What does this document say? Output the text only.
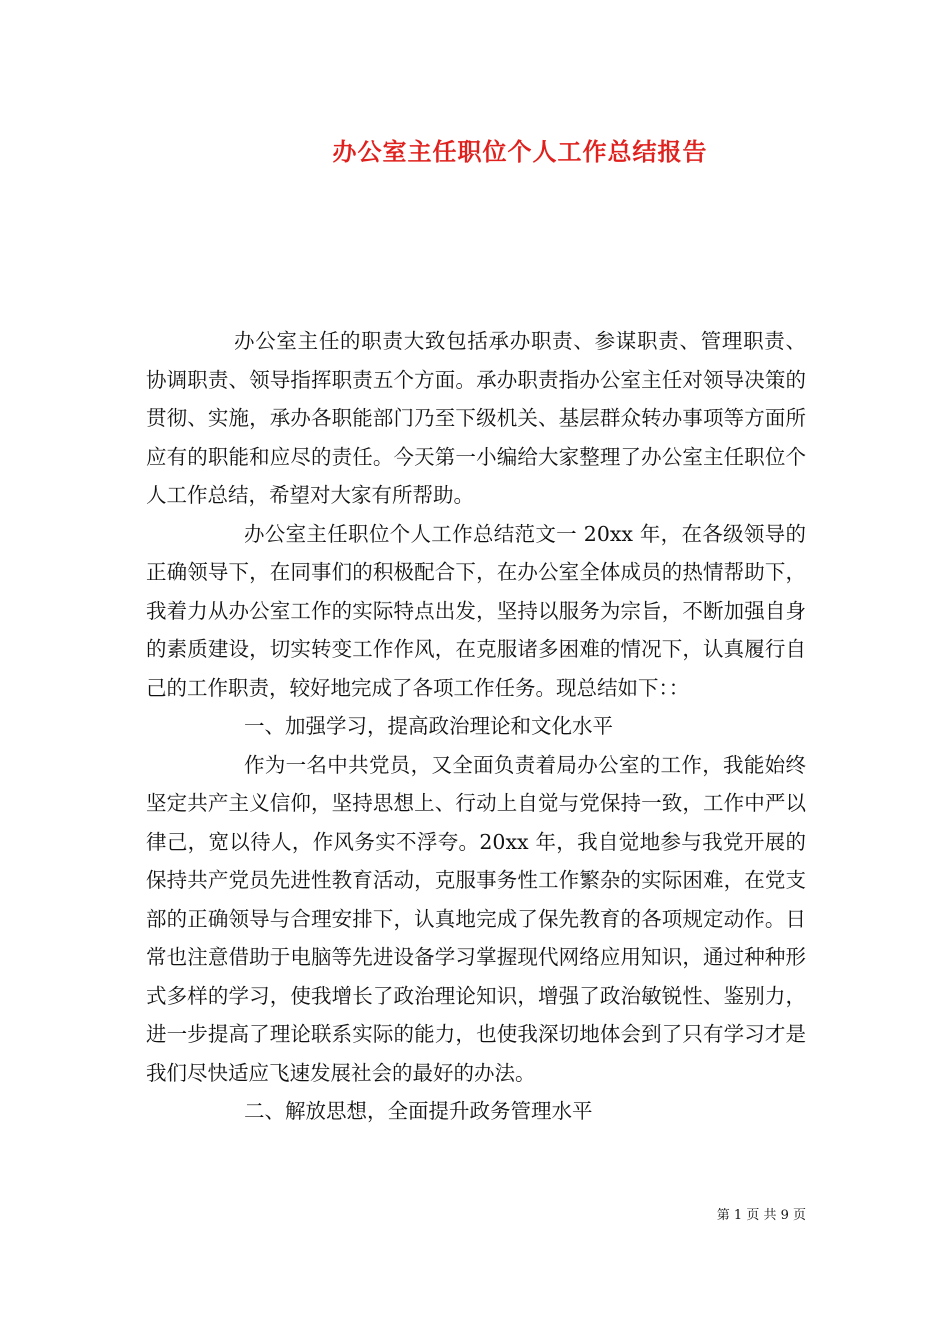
办公室主任职位个人工作总结报告

办公室主任的职责大致包括承办职责、参谋职责、管理职责、协调职责、领导指挥职责五个方面。承办职责指办公室主任对领导决策的贯彻、实施，承办各职能部门乃至下级机关、基层群众转办事项等方面所应有的职能和应尽的责任。今天第一小编给大家整理了办公室主任职位个人工作总结，希望对大家有所帮助。

办公室主任职位个人工作总结范文一 20xx 年，在各级领导的正确领导下，在同事们的积极配合下，在办公室全体成员的热情帮助下，我着力从办公室工作的实际特点出发，坚持以服务为宗旨，不断加强自身的素质建设，切实转变工作作风，在克服诸多困难的情况下，认真履行自己的工作职责，较好地完成了各项工作任务。现总结如下：：

一、加强学习，提高政治理论和文化水平

作为一名中共党员，又全面负责着局办公室的工作，我能始终坚定共产主义信仰，坚持思想上、行动上自觉与党保持一致，工作中严以律己，宽以待人，作风务实不浮夸。20xx 年，我自觉地参与我党开展的保持共产党员先进性教育活动，克服事务性工作繁杂的实际困难，在党支部的正确领导与合理安排下，认真地完成了保先教育的各项规定动作。日常也注意借助于电脑等先进设备学习掌握现代网络应用知识，通过种种形式多样的学习，使我增长了政治理论知识，增强了政治敏锐性、鉴别力，进一步提高了理论联系实际的能力，也使我深切地体会到了只有学习才是我们尽快适应飞速发展社会的最好的办法。

二、解放思想，全面提升政务管理水平

第 1 页 共 9 页
